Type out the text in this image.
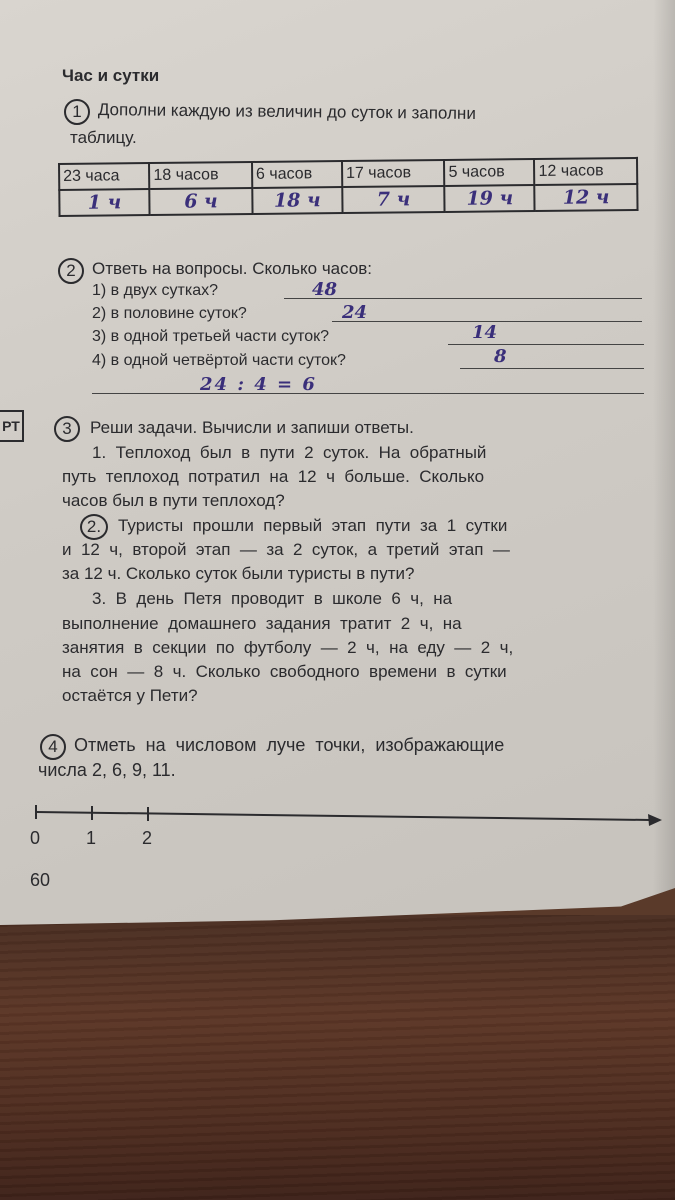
Час и сутки
1 Дополни каждую из величин до суток и заполни
таблицу.
23 часа	18 часов	6 часов	17 часов	5 часов	12 часов
1 ч	6 ч	18 ч	7 ч	19 ч	12 ч
2 Ответь на вопросы. Сколько часов:
1) в двух сутках?	48
2) в половине суток?	24
3) в одной третьей части суток?	14
4) в одной четвёртой части суток?	8
24 : 4 = 6
РТ	3	Реши задачи. Вычисли и запиши ответы.
1.  Теплоход  был  в  пути  2  суток.  На  обратный
путь  теплоход  потратил  на  12  ч  больше.  Сколько
часов был в пути теплоход?
2. Туристы  прошли  первый  этап  пути  за  1  сутки
и  12  ч,  второй  этап  —  за  2  суток,  а  третий  этап  —
за 12 ч. Сколько суток были туристы в пути?
3.  В  день  Петя  проводит  в  школе  6  ч,  на
выполнение  домашнего  задания  тратит  2  ч,  на
занятия  в  секции  по  футболу  —  2  ч,  на  еду  —  2  ч,
на  сон  —  8  ч.  Сколько  свободного  времени  в  сутки
остаётся у Пети?
4 Отметь  на  числовом  луче  точки,  изображающие
числа 2, 6, 9, 11.
0	1	2
60
